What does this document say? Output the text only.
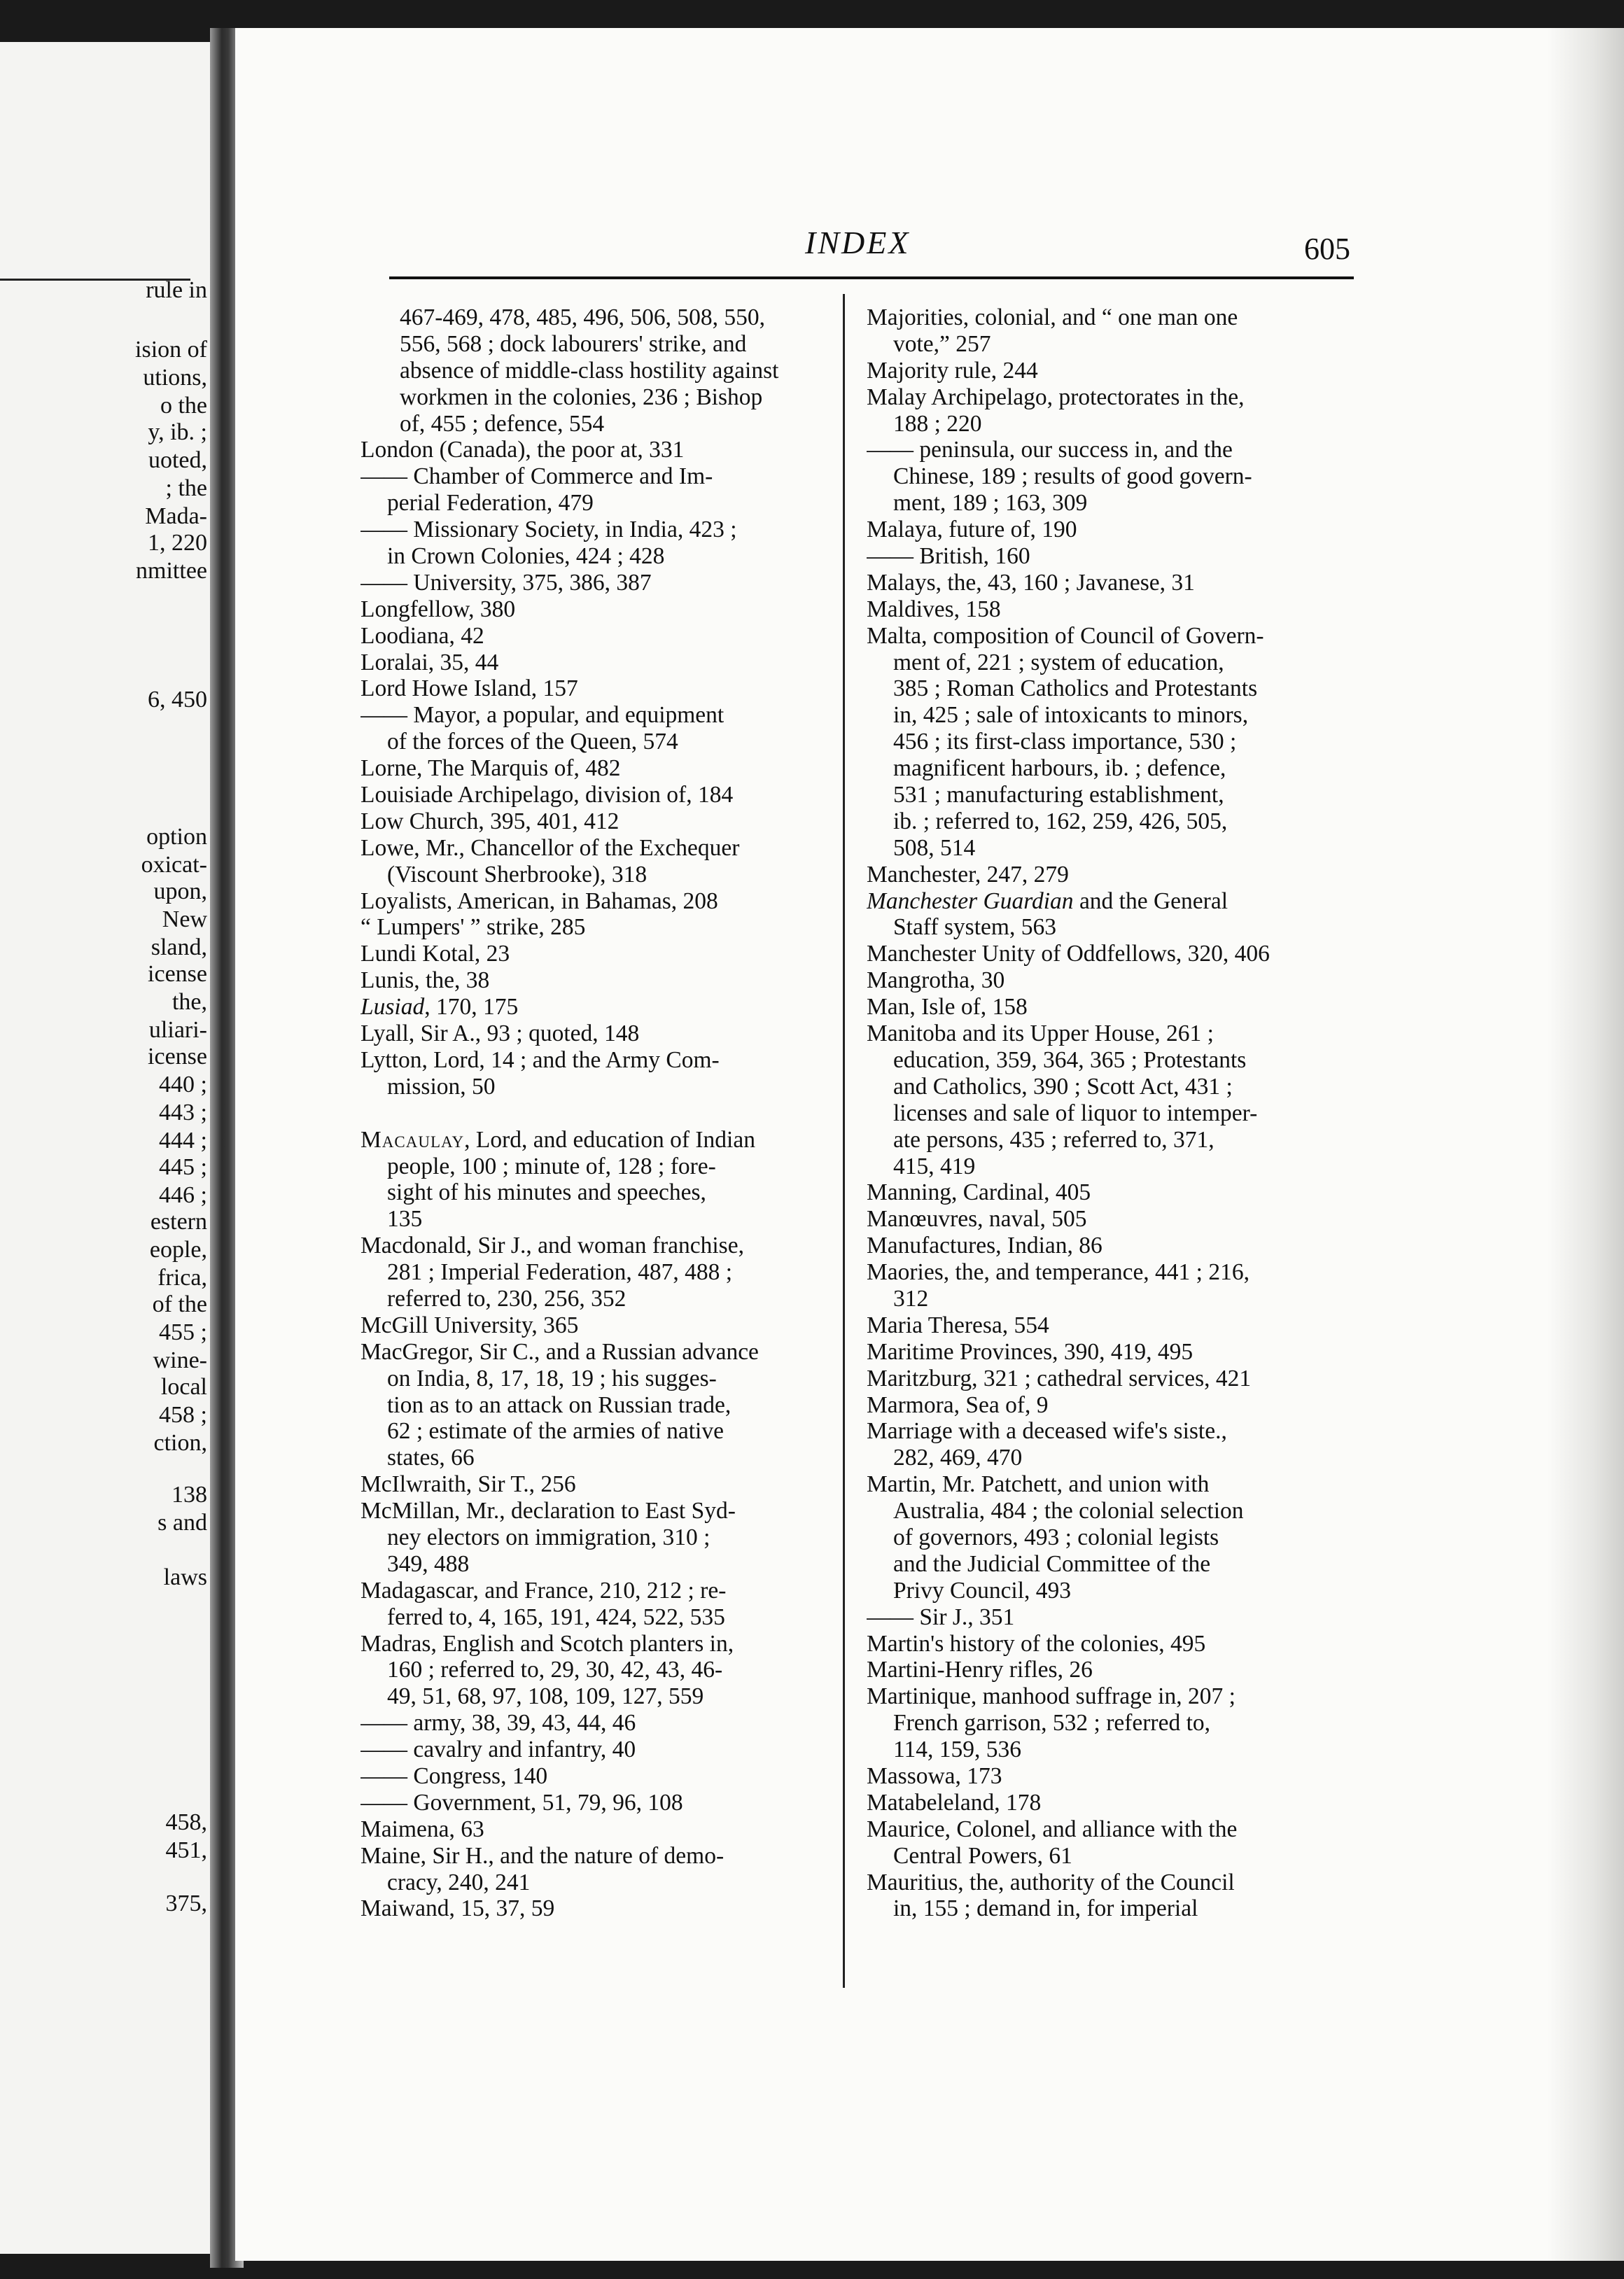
rule in
ision of
utions,
o the
y, ib. ;
uoted,
; the
Mada-
1, 220
nmittee
6, 450
option
oxicat-
upon,
New
sland,
icense
the,
uliari-
icense
440 ;
443 ;
444 ;
445 ;
446 ;
estern
eople,
frica,
of the
455 ;
wine-
local
458 ;
ction,
138
s and
laws
458,
451,
375,
INDEX	605
467-469, 478, 485, 496, 506, 508, 550,
556, 568 ; dock labourers' strike, and
absence of middle-class hostility against
workmen in the colonies, 236 ; Bishop
of, 455 ; defence, 554
London (Canada), the poor at, 331
—— Chamber of Commerce and Im-
perial Federation, 479
—— Missionary Society, in India, 423 ;
in Crown Colonies, 424 ; 428
—— University, 375, 386, 387
Longfellow, 380
Loodiana, 42
Loralai, 35, 44
Lord Howe Island, 157
—— Mayor, a popular, and equipment
of the forces of the Queen, 574
Lorne, The Marquis of, 482
Louisiade Archipelago, division of, 184
Low Church, 395, 401, 412
Lowe, Mr., Chancellor of the Exchequer
(Viscount Sherbrooke), 318
Loyalists, American, in Bahamas, 208
“ Lumpers' ” strike, 285
Lundi Kotal, 23
Lunis, the, 38
Lusiad, 170, 175
Lyall, Sir A., 93 ; quoted, 148
Lytton, Lord, 14 ; and the Army Com-
mission, 50
Macaulay, Lord, and education of Indian
people, 100 ; minute of, 128 ; fore-
sight of his minutes and speeches,
135
Macdonald, Sir J., and woman franchise,
281 ; Imperial Federation, 487, 488 ;
referred to, 230, 256, 352
McGill University, 365
MacGregor, Sir C., and a Russian advance
on India, 8, 17, 18, 19 ; his sugges-
tion as to an attack on Russian trade,
62 ; estimate of the armies of native
states, 66
McIlwraith, Sir T., 256
McMillan, Mr., declaration to East Syd-
ney electors on immigration, 310 ;
349, 488
Madagascar, and France, 210, 212 ; re-
ferred to, 4, 165, 191, 424, 522, 535
Madras, English and Scotch planters in,
160 ; referred to, 29, 30, 42, 43, 46-
49, 51, 68, 97, 108, 109, 127, 559
—— army, 38, 39, 43, 44, 46
—— cavalry and infantry, 40
—— Congress, 140
—— Government, 51, 79, 96, 108
Maimena, 63
Maine, Sir H., and the nature of demo-
cracy, 240, 241
Maiwand, 15, 37, 59
Majorities, colonial, and “ one man one
vote,” 257
Majority rule, 244
Malay Archipelago, protectorates in the,
188 ; 220
—— peninsula, our success in, and the
Chinese, 189 ; results of good govern-
ment, 189 ; 163, 309
Malaya, future of, 190
—— British, 160
Malays, the, 43, 160 ; Javanese, 31
Maldives, 158
Malta, composition of Council of Govern-
ment of, 221 ; system of education,
385 ; Roman Catholics and Protestants
in, 425 ; sale of intoxicants to minors,
456 ; its first-class importance, 530 ;
magnificent harbours, ib. ; defence,
531 ; manufacturing establishment,
ib. ; referred to, 162, 259, 426, 505,
508, 514
Manchester, 247, 279
Manchester Guardian and the General
Staff system, 563
Manchester Unity of Oddfellows, 320, 406
Mangrotha, 30
Man, Isle of, 158
Manitoba and its Upper House, 261 ;
education, 359, 364, 365 ; Protestants
and Catholics, 390 ; Scott Act, 431 ;
licenses and sale of liquor to intemper-
ate persons, 435 ; referred to, 371,
415, 419
Manning, Cardinal, 405
Manœuvres, naval, 505
Manufactures, Indian, 86
Maories, the, and temperance, 441 ; 216,
312
Maria Theresa, 554
Maritime Provinces, 390, 419, 495
Maritzburg, 321 ; cathedral services, 421
Marmora, Sea of, 9
Marriage with a deceased wife's siste.,
282, 469, 470
Martin, Mr. Patchett, and union with
Australia, 484 ; the colonial selection
of governors, 493 ; colonial legists
and the Judicial Committee of the
Privy Council, 493
—— Sir J., 351
Martin's history of the colonies, 495
Martini-Henry rifles, 26
Martinique, manhood suffrage in, 207 ;
French garrison, 532 ; referred to,
114, 159, 536
Massowa, 173
Matabeleland, 178
Maurice, Colonel, and alliance with the
Central Powers, 61
Mauritius, the, authority of the Council
in, 155 ; demand in, for imperial
